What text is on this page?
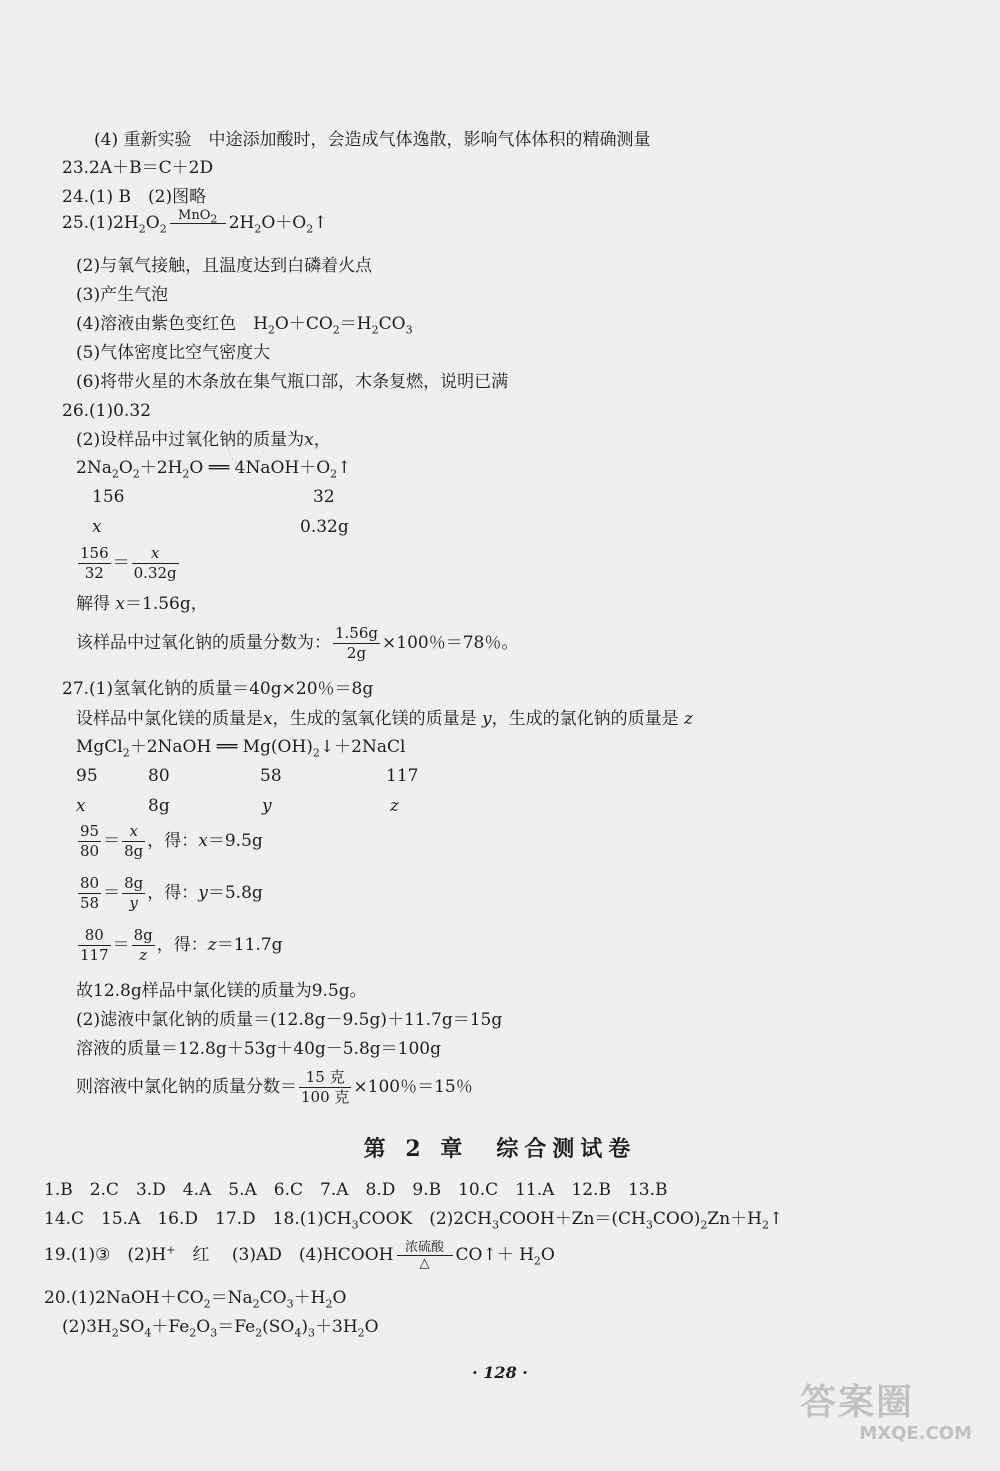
(4) 重新实验　中途添加酸时，会造成气体逸散，影响气体体积的精确测量
23.2A＋B＝C＋2D
24.(1) B　(2)图略
$25.(1)2H_2O_2$
MnO$_2$ $2H_2O+O_2↑$
(2)与氧气接触，且温度达到白磷着火点
(3)产生气泡
(4)溶液由紫色变红色　$H_2O+CO_2=H_2CO_3$
(5)气体密度比空气密度大
(6)将带火星的木条放在集气瓶口部，木条复燃，说明已满
26.(1)0.32
(2)设样品中过氧化钠的质量为x，
$2Na_2O_2+2H_2O$ ══ $4NaOH+O_2↑$
156	32
x	0.32g
$\frac{156}{32} = \frac{x}{0.32g}$
解得 x＝1.56g，
该样品中过氧化钠的质量分数为： $\frac{1.56g}{2g} \times 100$％＝78％。
27.(1)氢氧化钠的质量＝40g×20％＝8g
设样品中氯化镁的质量是x，生成的氢氧化镁的质量是 y，生成的氯化钠的质量是 z
MgCl$_2$＋2NaOH ══ $Mg(OH)_2↓+2NaCl$
95	80	58	117
x	8g	y	z
$\frac{95}{80} = \frac{x}{8g}$ ，得：x＝9.5g
$\frac{80}{58} = \frac{8g}{y}$ ，得：y＝5.8g
$\frac{80}{117} = \frac{8g}{z}$ ，得：z＝11.7g
故12.8g样品中氯化镁的质量为9.5g。
(2)滤液中氯化钠的质量＝(12.8g－9.5g)＋11.7g＝15g
溶液的质量＝12.8g＋53g＋40g－5.8g＝100g
则溶液中氯化钠的质量分数＝ $\frac{\text{15 克}}{\text{100 克}} \times 100$％＝15％
第 2 章　综合测试卷
1.B　2.C　3.D　4.A　5.A　6.C　7.A　8.D　9.B　10.C　11.A　12.B　13.B
14.C　15.A　16.D　17.D　$18.(1)CH_3COOK$　$(2)2CH_3COOH+Zn=(CH_3COO)_2Zn+H_2↑$
19.(1)③　(2)H+　红　 (3)AD　(4)HCOOH 浓硫酸
△	CO↑＋ $H_2O$
$20.(1)2NaOH+CO_2=Na_2CO_3+H_2O$
$(2)3H_2SO_4+Fe_2O_3=Fe_2(SO_4)_3+3H_2O$
· 128 ·
答案圈
MXQE.COM
